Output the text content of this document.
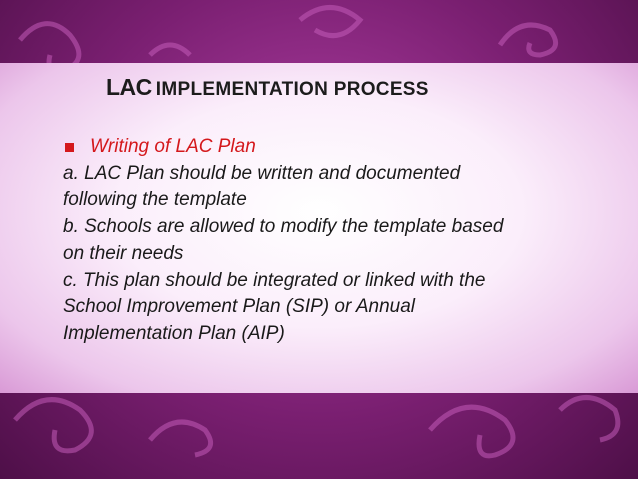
LAC IMPLEMENTATION PROCESS
Writing of LAC Plan
a. LAC Plan should be written and documented
following the template
b. Schools are allowed to modify the template based
on their needs
c. This plan should be integrated or linked with the
School Improvement Plan (SIP) or Annual
Implementation Plan (AIP)
